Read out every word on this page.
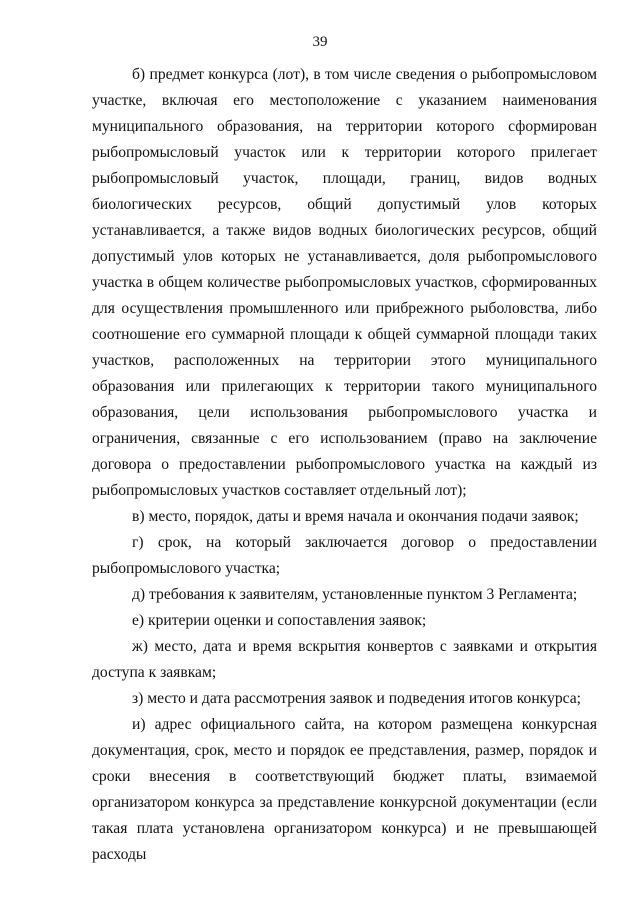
39

б) предмет конкурса (лот), в том числе сведения о рыбопромысловом участке, включая его местоположение с указанием наименования муниципального образования, на территории которого сформирован рыбопромысловый участок или к территории которого прилегает рыбопромысловый участок, площади, границ, видов водных биологических ресурсов, общий допустимый улов которых устанавливается, а также видов водных биологических ресурсов, общий допустимый улов которых не устанавливается, доля рыбопромыслового участка в общем количестве рыбопромысловых участков, сформированных для осуществления промышленного или прибрежного рыболовства, либо соотношение его суммарной площади к общей суммарной площади таких участков, расположенных на территории этого муниципального образования или прилегающих к территории такого муниципального образования, цели использования рыбопромыслового участка и ограничения, связанные с его использованием (право на заключение договора о предоставлении рыбопромыслового участка на каждый из рыбопромысловых участков составляет отдельный лот);

в) место, порядок, даты и время начала и окончания подачи заявок;

г) срок, на который заключается договор о предоставлении рыбопромыслового участка;

д) требования к заявителям, установленные пунктом 3 Регламента;

е) критерии оценки и сопоставления заявок;

ж) место, дата и время вскрытия конвертов с заявками и открытия доступа к заявкам;

з) место и дата рассмотрения заявок и подведения итогов конкурса;

и) адрес официального сайта, на котором размещена конкурсная документация, срок, место и порядок ее представления, размер, порядок и сроки внесения в соответствующий бюджет платы, взимаемой организатором конкурса за представление конкурсной документации (если такая плата установлена организатором конкурса) и не превышающей расходы
